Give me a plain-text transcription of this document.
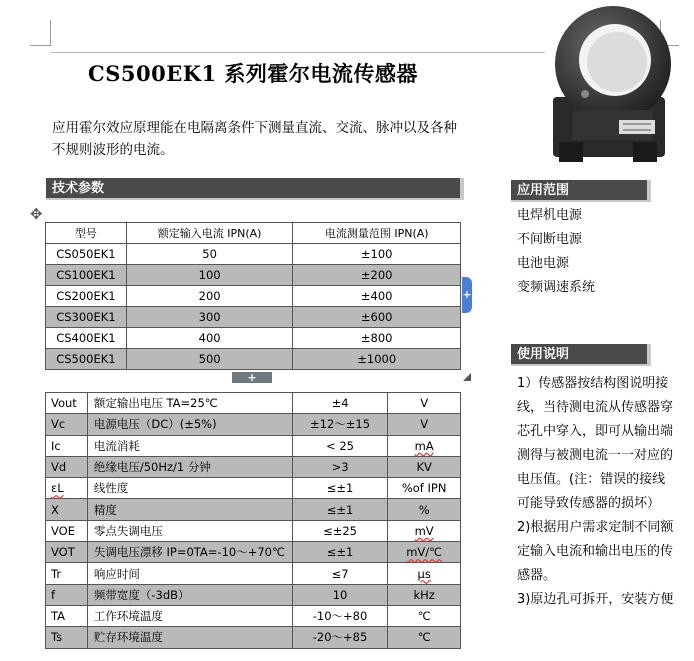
CS500EK1 系列霍尔电流传感器
应用霍尔效应原理能在电隔离条件下测量直流、交流、脉冲以及各种不规则波形的电流。
技术参数
✥
型号	额定输入电流 IPN(A)	电流测量范围 IPN(A)
CS050EK1	50	±100
CS100EK1	100	±200
CS200EK1	200	±400
CS300EK1	300	±600
CS400EK1	400	±800
CS500EK1	500	±1000
+
+
Vout	额定输出电压 TA=25℃	±4	V
Vc	电源电压（DC）(±5%)	±12～±15	V
Ic	电流消耗	< 25	mA
Vd	绝缘电压/50Hz/1 分钟	>3	KV
εL	线性度	≤±1	%of IPN
X	精度	≤±1	%
VOE	零点失调电压	≤±25	mV
VOT	失调电压漂移 IP=0TA=-10～+70℃	≤±1	mV/℃
Tr	响应时间	≤7	μs
f	频带宽度（-3dB）	10	kHz
TA	工作环境温度	-10～+80	℃
Ts	贮存环境温度	-20～+85	℃
应用范围
电焊机电源
不间断电源
电池电源
变频调速系统
使用说明

1）传感器按结构图说明接线，当待测电流从传感器穿芯孔中穿入，即可从输出端测得与被测电流一一对应的电压值。(注：错误的接线可能导致传感器的损坏）

2)根据用户需求定制不同额定输入电流和输出电压的传感器。

3)原边孔可拆开，安装方便
